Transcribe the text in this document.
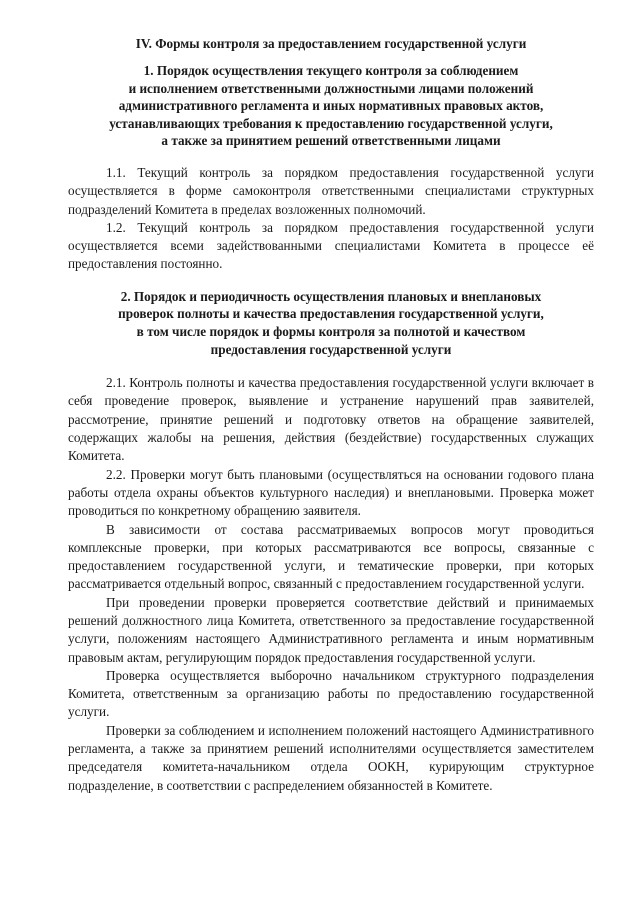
IV. Формы контроля за предоставлением государственной услуги

1. Порядок осуществления текущего контроля за соблюдением
и исполнением ответственными должностными лицами положений
административного регламента и иных нормативных правовых актов,
устанавливающих требования к предоставлению государственной услуги,
а также за принятием решений ответственными лицами

1.1. Текущий контроль за порядком предоставления государственной услуги осуществляется в форме самоконтроля ответственными специалистами структурных подразделений Комитета в пределах возложенных полномочий.

1.2. Текущий контроль за порядком предоставления государственной услуги осуществляется всеми задействованными специалистами Комитета в процессе её предоставления постоянно.

2. Порядок и периодичность осуществления плановых и внеплановых
проверок полноты и качества предоставления государственной услуги,
в том числе порядок и формы контроля за полнотой и качеством
предоставления государственной услуги

2.1. Контроль полноты и качества предоставления государственной услуги включает в себя проведение проверок, выявление и устранение нарушений прав заявителей, рассмотрение, принятие решений и подготовку ответов на обращение заявителей, содержащих жалобы на решения, действия (бездействие) государственных служащих Комитета.

2.2. Проверки могут быть плановыми (осуществляться на основании годового плана работы отдела охраны объектов культурного наследия) и внеплановыми. Проверка может проводиться по конкретному обращению заявителя.

В зависимости от состава рассматриваемых вопросов могут проводиться комплексные проверки, при которых рассматриваются все вопросы, связанные с предоставлением государственной услуги, и тематические проверки, при которых рассматривается отдельный вопрос, связанный с предоставлением государственной услуги.

При проведении проверки проверяется соответствие действий и принимаемых решений должностного лица Комитета, ответственного за предоставление государственной услуги, положениям настоящего Административного регламента и иным нормативным правовым актам, регулирующим порядок предоставления государственной услуги.

Проверка осуществляется выборочно начальником структурного подразделения Комитета, ответственным за организацию работы по предоставлению государственной услуги.

Проверки за соблюдением и исполнением положений настоящего Административного регламента, а также за принятием решений исполнителями осуществляется заместителем председателя комитета-начальником отдела ООКН, курирующим структурное подразделение, в соответствии с распределением обязанностей в Комитете.
